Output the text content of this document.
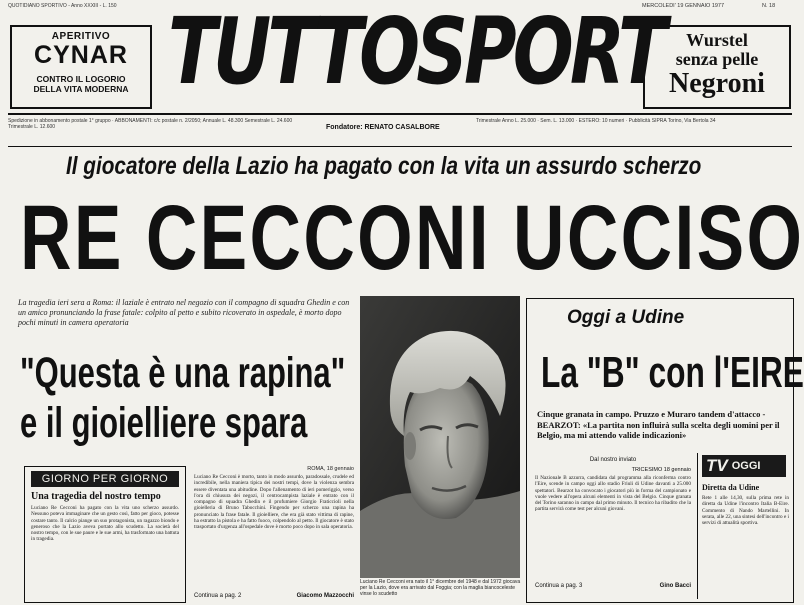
QUOTIDIANO SPORTIVO - Anno XXXIII - L. 150
APERITIVO
CYNAR
CONTRO IL LOGORIO
DELLA VITA MODERNA TUTTOSPORT
MERCOLEDI' 19 GENNAIO 1977	N. 18
Wurstel
senza pelle
Negroni
Spedizione in abbonamento postale 1° gruppo · ABBONAMENTI: c/c postale n. 2/2050; Annuale L. 48.300 Semestrale L. 24.600 Trimestrale L. 12.600	Fondatore: RENATO CASALBORE
Trimestrale Anno L. 25.000 · Sem. L. 13.000 · ESTERO: 10 numeri · Pubblicità SIPRA Torino, Via Bertola 34
Il giocatore della Lazio ha pagato con la vita un assurdo scherzo
RE CECCONI UCCISO
La tragedia ieri sera a Roma: il laziale è entrato nel negozio con il compagno di squadra Ghedin e con un amico pronunciando la frase fatale: colpito al petto e subito ricoverato in ospedale, è morto dopo pochi minuti in camera operatoria
"Questa è una rapina"
e il gioielliere spara
GIORNO PER GIORNO
Una tragedia del nostro tempo
Luciano Re Cecconi ha pagato con la vita uno scherzo assurdo. Nessuno poteva immaginare che un gesto così, fatto per gioco, potesse costare tanto. Il calcio piange un suo protagonista, un ragazzo biondo e generoso che la Lazio aveva portato allo scudetto. La società del nostro tempo, con le sue paure e le sue armi, ha trasformato una battuta in tragedia.
ROMA, 18 gennaio
Luciano Re Cecconi è morto, tanto in modo assurdo, paradossale, crudele ed incredibile, nella maniera tipica dei nostri tempi, dove la violenza sembra essere diventata una abitudine. Dopo l'allenamento di ieri pomeriggio, verso l'ora di chiusura dei negozi, il centrocampista laziale è entrato con il compagno di squadra Ghedin e il profumiere Giorgio Fraticcioli nella gioielleria di Bruno Tabocchini. Fingendo per scherzo una rapina ha pronunciato la frase fatale. Il gioielliere, che era già stato vittima di rapine, ha estratto la pistola e ha fatto fuoco, colpendolo al petto. Il giocatore è stato trasportato d'urgenza all'ospedale dove è morto poco dopo in sala operatoria.
Continua a pag. 2	Giacomo Mazzocchi
Luciano Re Cecconi era nato il 1° dicembre del 1948 e dal 1972 giocava per la Lazio, dove era arrivato dal Foggia; con la maglia biancoceleste vinse lo scudetto
Oggi a Udine
La "B" con l'EIRE
Cinque granata in campo. Pruzzo e Muraro tandem d'attacco - BEARZOT: «La partita non influirà sulla scelta degli uomini per il Belgio, ma mi attendo valide indicazioni»
Dal nostro inviato
TRICESIMO 18 gennaio
Il Nazionale B azzurra, candidata dal programma alla riconferma contro l'Eire, scende in campo oggi allo stadio Friuli di Udine davanti a 25.000 spettatori. Bearzot ha convocato i giocatori più in forma del campionato e vuole vedere all'opera alcuni elementi in vista del Belgio. Cinque granata del Torino saranno in campo dal primo minuto. Il tecnico ha ribadito che la partita servirà come test per alcuni giovani.
Continua a pag. 3	Gino Bacci
TV OGGI
Diretta da Udine
Rete 1 alle 14,30, sulla prima rete in diretta da Udine l'incontro Italia B-Eire. Commento di Nando Martellini. In serata, alle 22, una sintesi dell'incontro e i servizi di attualità sportiva.
